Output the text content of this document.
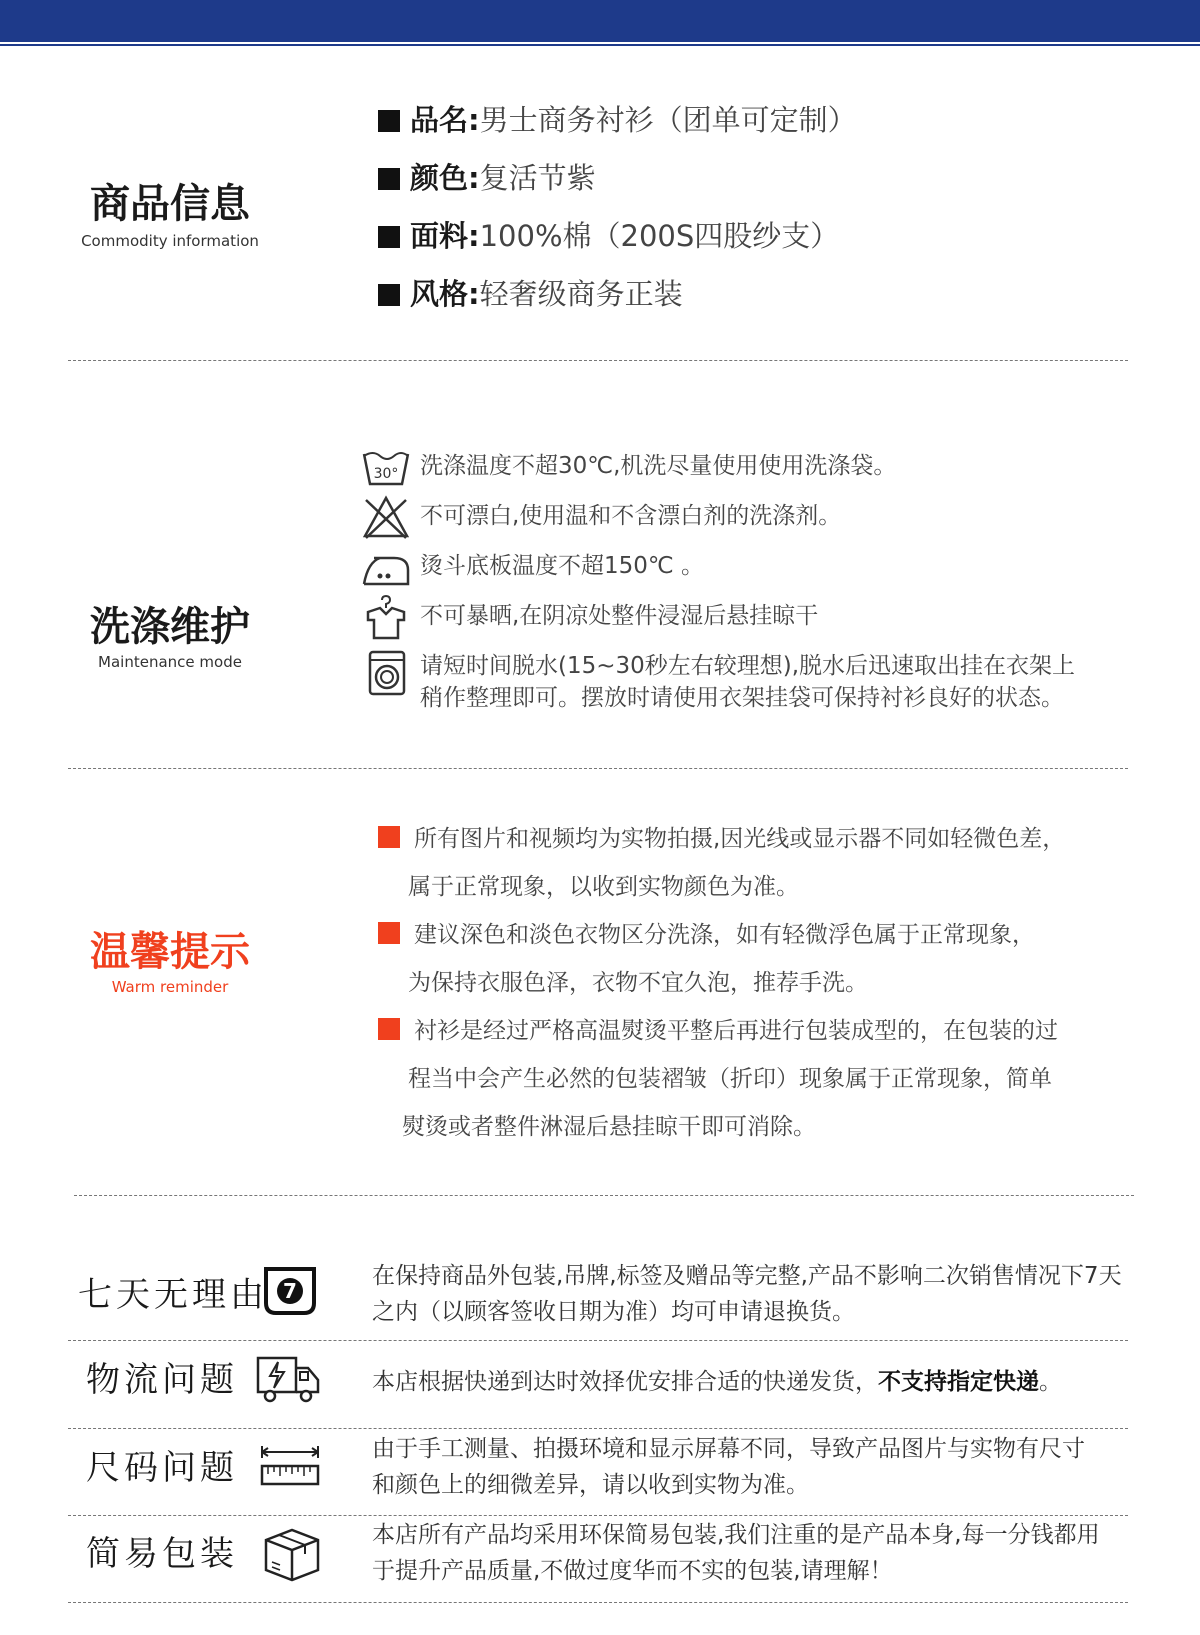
商品信息
Commodity information
品名:男士商务衬衫（团单可定制）
颜色:复活节紫
面料:100%棉（200S四股纱支）
风格:轻奢级商务正装
洗涤维护
Maintenance mode
30° 洗涤温度不超30℃,机洗尽量使用使用洗涤袋。
不可漂白,使用温和不含漂白剂的洗涤剂。
烫斗底板温度不超150℃ 。
不可暴晒,在阴凉处整件浸湿后悬挂晾干
请短时间脱水(15~30秒左右较理想),脱水后迅速取出挂在衣架上
稍作整理即可。摆放时请使用衣架挂袋可保持衬衫良好的状态。
温馨提示
Warm reminder
所有图片和视频均为实物拍摄,因光线或显示器不同如轻微色差，
属于正常现象，以收到实物颜色为准。
建议深色和淡色衣物区分洗涤，如有轻微浮色属于正常现象，
为保持衣服色泽，衣物不宜久泡，推荐手洗。
衬衫是经过严格高温熨烫平整后再进行包装成型的，在包装的过
程当中会产生必然的包装褶皱（折印）现象属于正常现象，简单
熨烫或者整件淋湿后悬挂晾干即可消除。
七天无理由 7
在保持商品外包装,吊牌,标签及赠品等完整,产品不影响二次销售情况下7天
之内（以顾客签收日期为准）均可申请退换货。
物流问题	本店根据快递到达时效择优安排合适的快递发货，不支持指定快递。
尺码问题	由于手工测量、拍摄环境和显示屏幕不同，导致产品图片与实物有尺寸
和颜色上的细微差异，请以收到实物为准。
简易包装	本店所有产品均采用环保简易包装,我们注重的是产品本身,每一分钱都用
于提升产品质量,不做过度华而不实的包装,请理解！
